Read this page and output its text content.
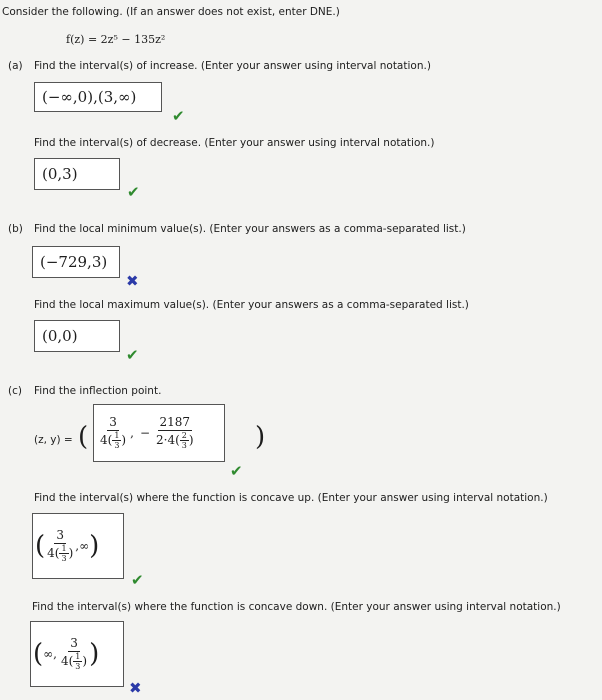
Consider the following. (If an answer does not exist, enter DNE.)
f(z) = 2z⁵ − 135z²
(a) Find the interval(s) of increase. (Enter your answer using interval notation.)
(−∞,0),(3,∞)
✔
Find the interval(s) of decrease. (Enter your answer using interval notation.)
(0,3)
✔
(b) Find the local minimum value(s). (Enter your answers as a comma-separated list.)
(−729,3)
✖
Find the local maximum value(s). (Enter your answers as a comma-separated list.)
(0,0)
✔
(c) Find the inflection point.
(z, y) = ( $\frac{3}{4( \frac{1}{3} )}$ , − $\frac{2187}{2\cdot 4( \frac{2}{3} )}$ )
✔
Find the interval(s) where the function is concave up. (Enter your answer using interval notation.)
( $\frac{3}{4( \frac{1}{3} )}$ , ∞ )
✔
Find the interval(s) where the function is concave down. (Enter your answer using interval notation.)
( ∞, $\frac{3}{4( \frac{1}{3} )}$ )
✖
